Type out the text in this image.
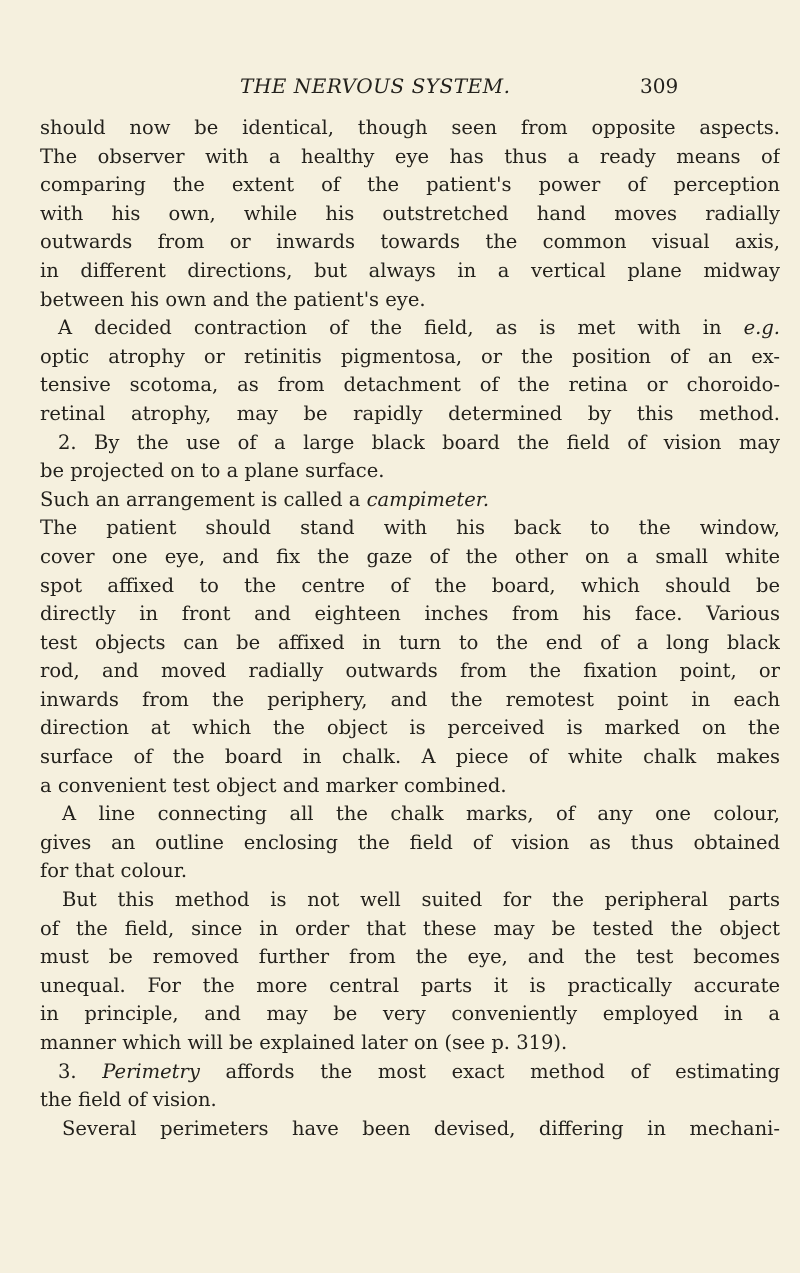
THE NERVOUS SYSTEM.	309
should now be identical, though seen from opposite aspects.
The observer with a healthy eye has thus a ready means of
comparing the extent of the patient's power of perception
with his own, while his outstretched hand moves radially
outwards from or inwards towards the common visual axis,
in different directions, but always in a vertical plane midway
between his own and the patient's eye.
A decided contraction of the field, as is met with in e.g.
optic atrophy or retinitis pigmentosa, or the position of an ex-
tensive scotoma, as from detachment of the retina or choroido-
retinal atrophy, may be rapidly determined by this method.
2. By the use of a large black board the field of vision may
be projected on to a plane surface.
Such an arrangement is called a campimeter.
The patient should stand with his back to the window,
cover one eye, and fix the gaze of the other on a small white
spot affixed to the centre of the board, which should be
directly in front and eighteen inches from his face. Various
test objects can be affixed in turn to the end of a long black
rod, and moved radially outwards from the fixation point, or
inwards from the periphery, and the remotest point in each
direction at which the object is perceived is marked on the
surface of the board in chalk. A piece of white chalk makes
a convenient test object and marker combined.
A line connecting all the chalk marks, of any one colour,
gives an outline enclosing the field of vision as thus obtained
for that colour.
But this method is not well suited for the peripheral parts
of the field, since in order that these may be tested the object
must be removed further from the eye, and the test becomes
unequal. For the more central parts it is practically accurate
in principle, and may be very conveniently employed in a
manner which will be explained later on (see p. 319).
3. Perimetry affords the most exact method of estimating
the field of vision.
Several perimeters have been devised, differing in mechani-
